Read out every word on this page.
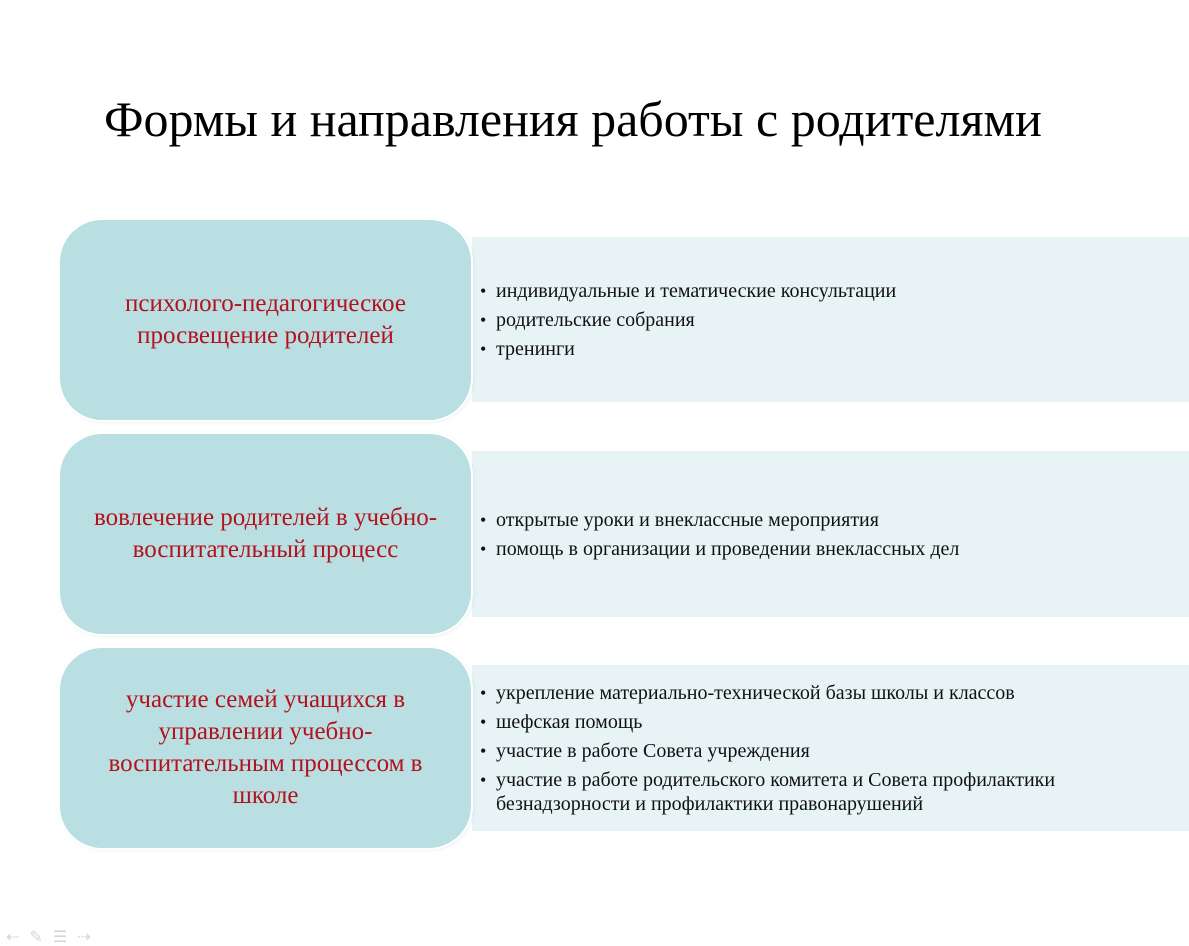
Формы и направления работы с родителями
• индивидуальные и тематические консультации
• родительские собрания
• тренинги
психолого-педагогическое просвещение родителей
• открытые уроки и внеклассные мероприятия
• помощь в организации и проведении внеклассных дел
вовлечение родителей в учебно-воспитательный процесс
• укрепление материально-технической базы школы и классов
• шефская помощь
• участие в работе Совета учреждения
• участие в работе родительского комитета и Совета профилактики безнадзорности и профилактики правонарушений
участие семей учащихся в управлении учебно-воспитательным процессом в школе
⇠ ✎ ☰ ⇢
